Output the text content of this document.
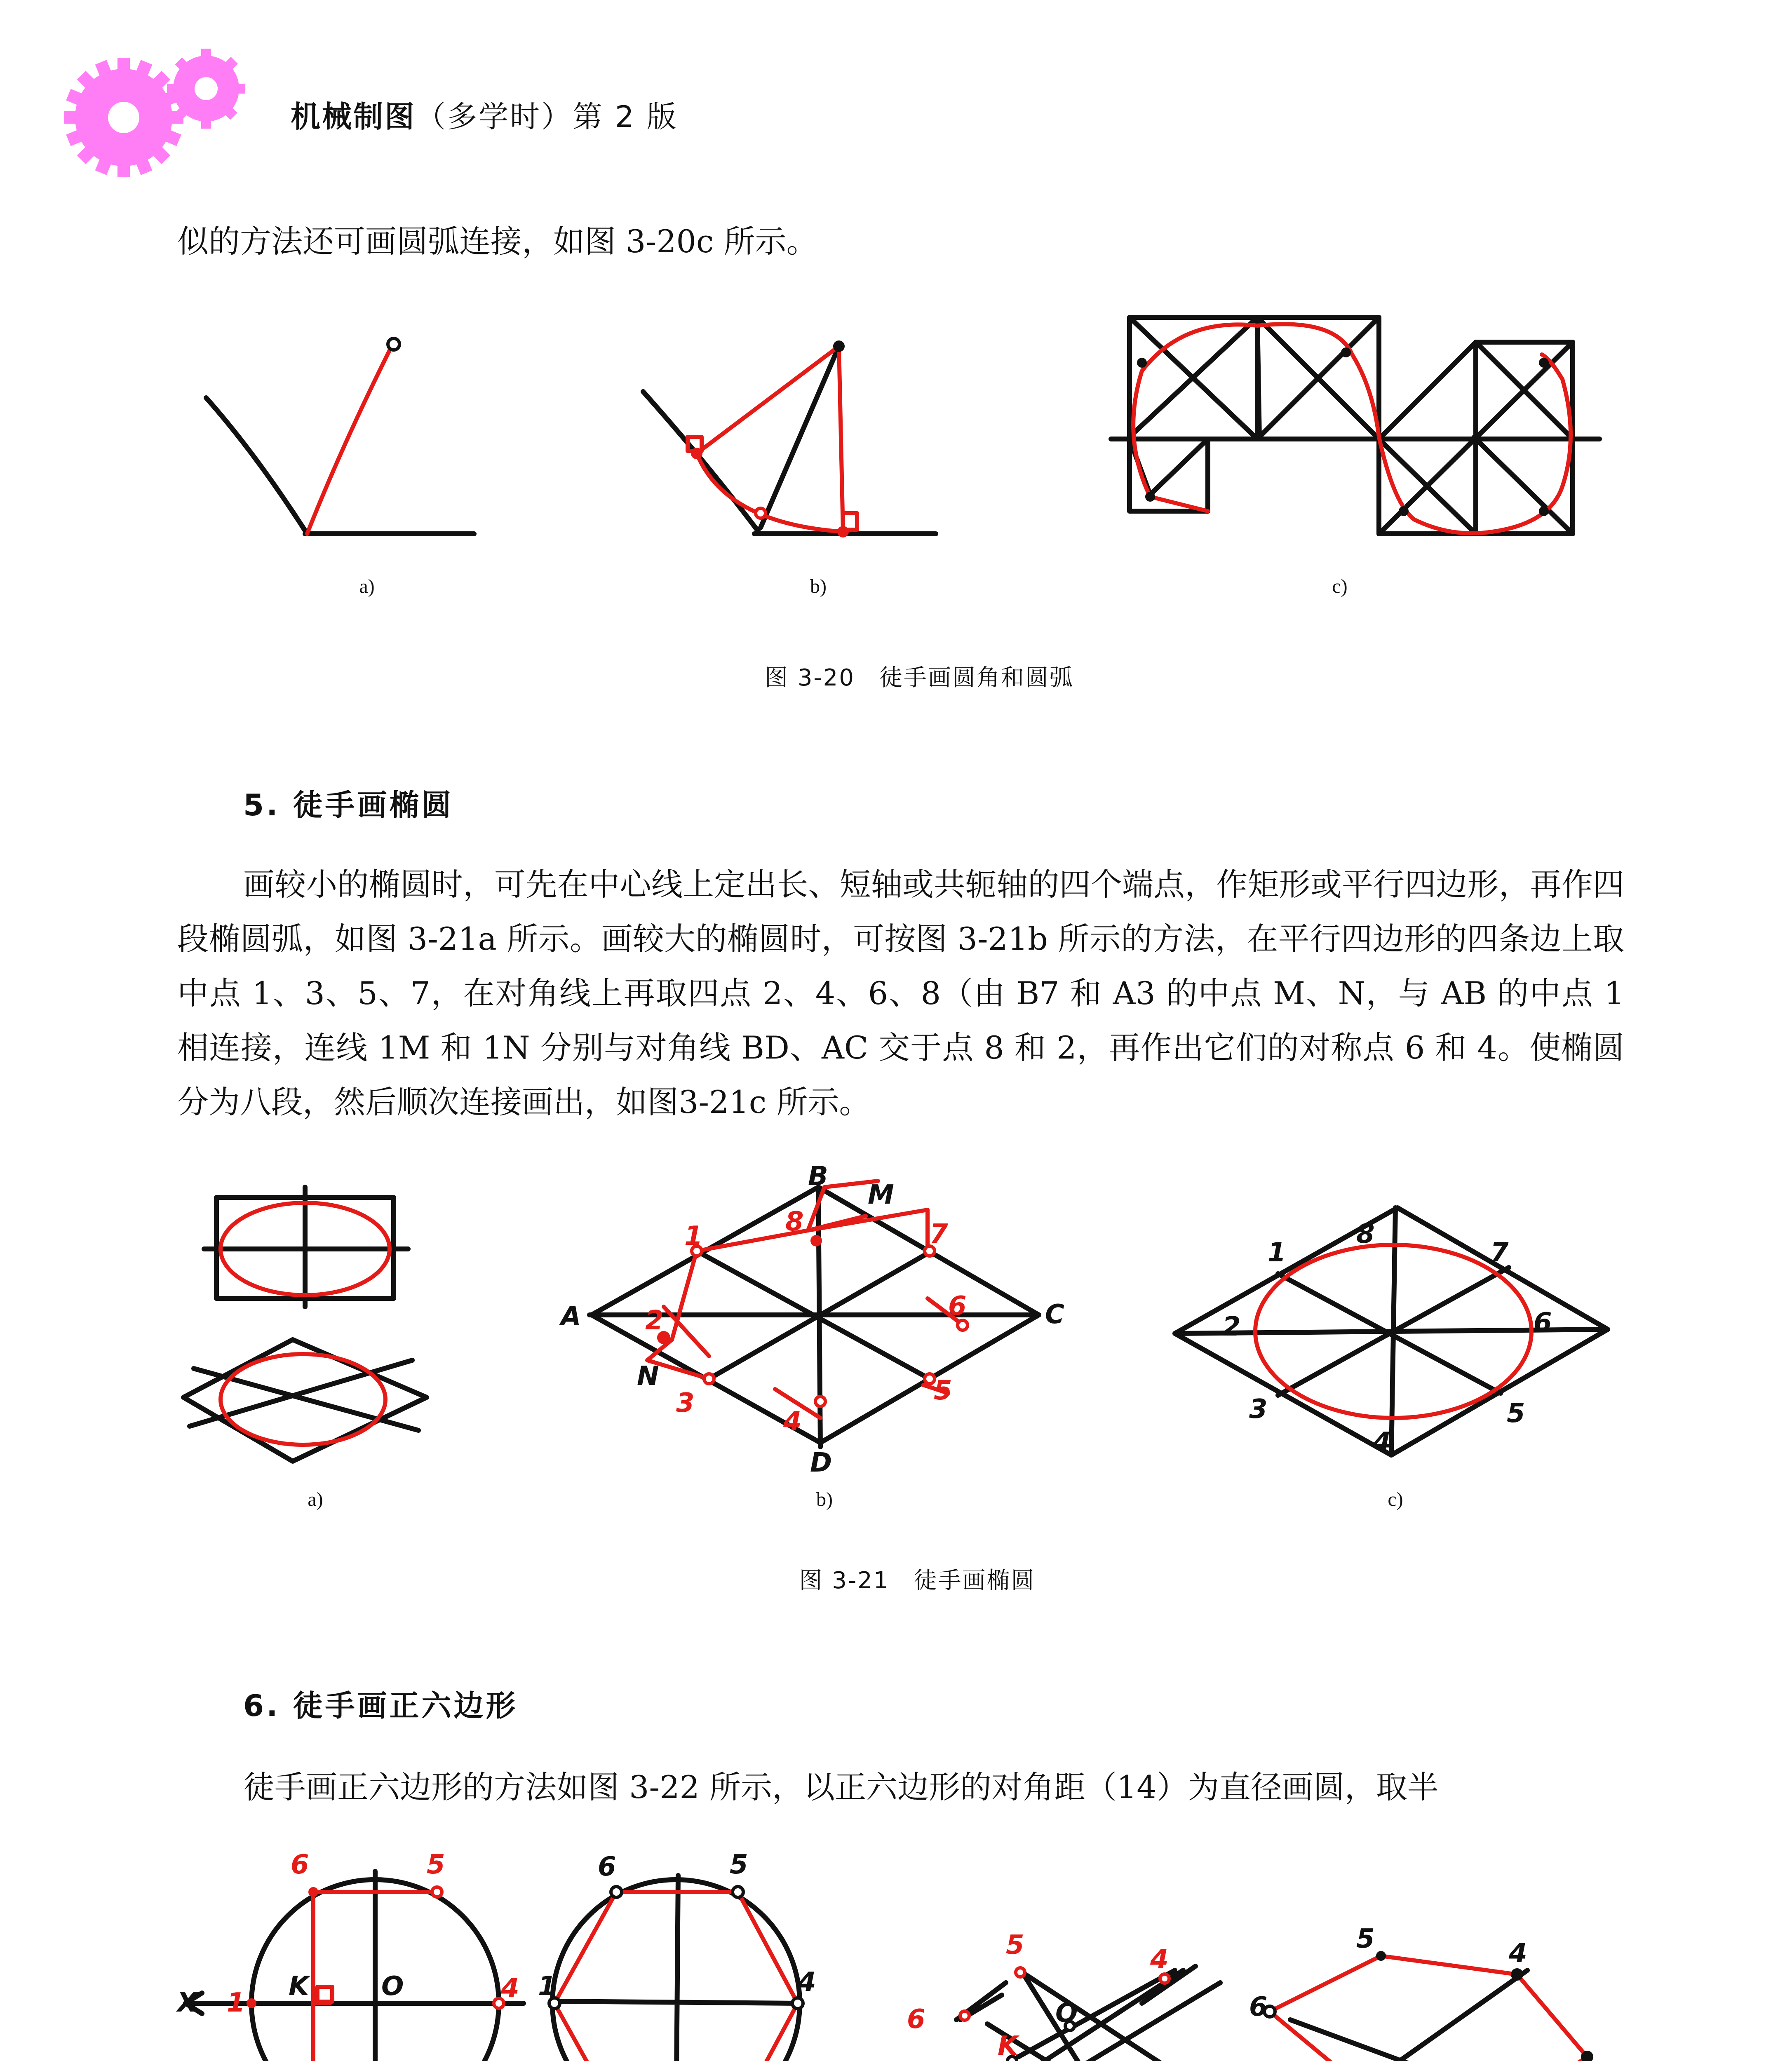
机械制图（多学时）第 2 版
似的方法还可画圆弧连接，如图 3-20c 所示。
a)	b)	c)
图 3-20　徒手画圆角和圆弧
5. 徒手画椭圆
画较小的椭圆时，可先在中心线上定出长、短轴或共轭轴的四个端点，作矩形或平行四边形，再作四段椭圆弧，如图 3-21a 所示。画较大的椭圆时，可按图 3-21b 所示的方法，在平行四边形的四条边上取中点 1、3、5、7，在对角线上再取四点 2、4、6、8（由 B7 和 A3 的中点 M、N，与 AB 的中点 1 相连接，连线 1M 和 1N 分别与对角线 BD、AC 交于点 8 和 2，再作出它们的对称点 6 和 4。使椭圆分为八段，然后顺次连接画出，如图3-21c 所示。
A
B
C
D
M
N
1
2
3
4
5
6
7
8
1
2
3
4
5
6
7
8
a)	b)	c)
图 3-21　徒手画椭圆
6. 徒手画正六边形
徒手画正六边形的方法如图 3-22 所示，以正六边形的对角距（14）为直径画圆，取半
1	4
5
6
X
K	O	1	4
5
6
4
5
6
K
O
4
5
6
